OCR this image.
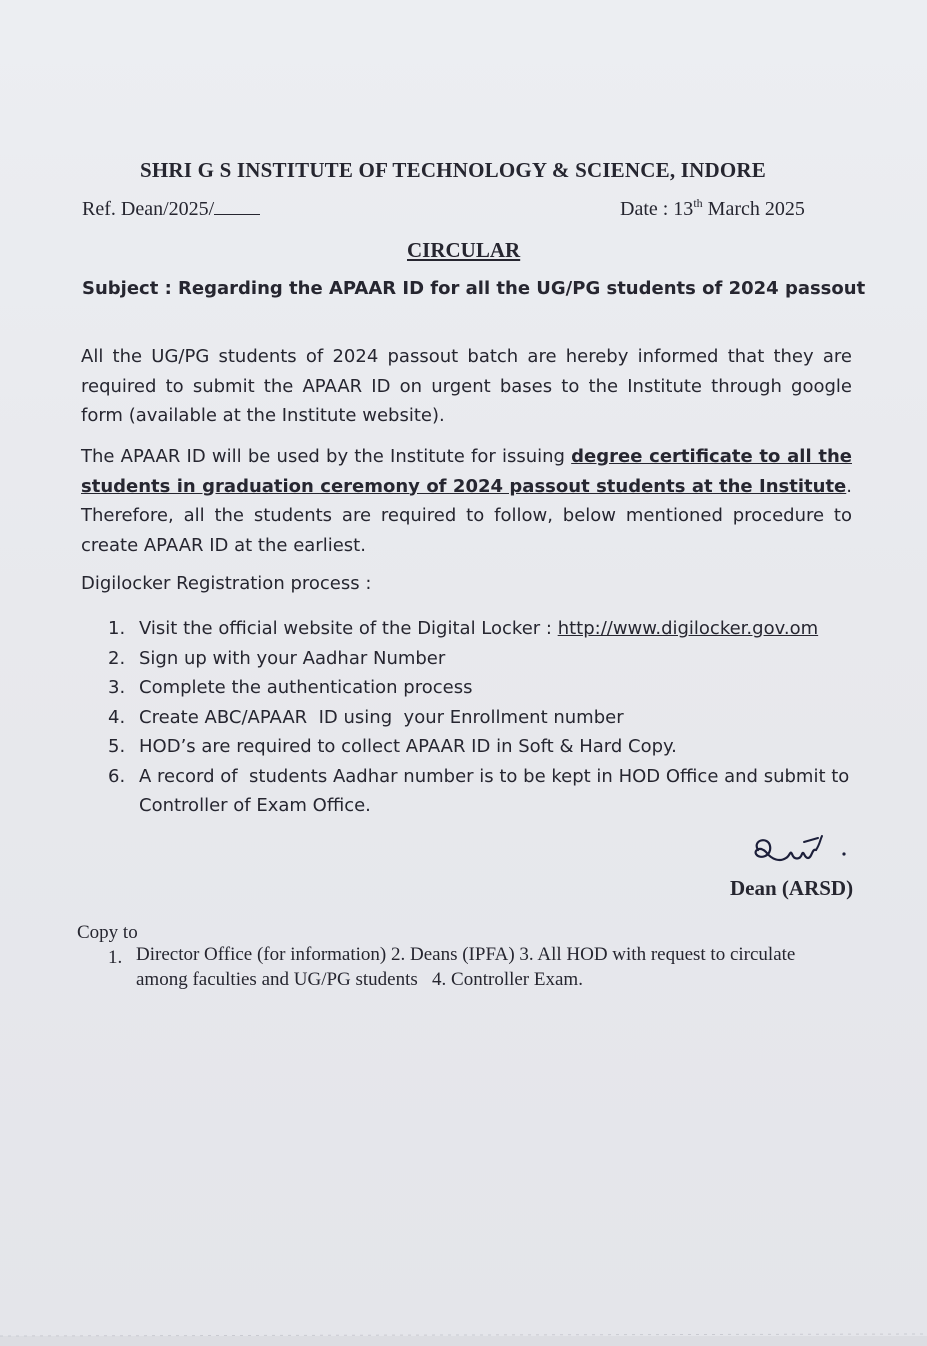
SHRI G S INSTITUTE OF TECHNOLOGY & SCIENCE, INDORE
Ref. Dean/2025/	Date : 13th March 2025
CIRCULAR
Subject : Regarding the APAAR ID for all the UG/PG students of 2024 passout
All the UG/PG students of 2024 passout batch are hereby informed that they are required to submit the APAAR ID on urgent bases to the Institute through google form (available at the Institute website).
The APAAR ID will be used by the Institute for issuing degree certificate to all the students in graduation ceremony of 2024 passout students at the Institute. Therefore, all the students are required to follow, below mentioned procedure to create APAAR ID at the earliest.
Digilocker Registration process :
1. Visit the official website of the Digital Locker : http://www.digilocker.gov.om
2. Sign up with your Aadhar Number
3. Complete the authentication process
4. Create ABC/APAAR  ID using  your Enrollment number
5. HOD’s are required to collect APAAR ID in Soft & Hard Copy.
6. A record of  students Aadhar number is to be kept in HOD Office and submit to Controller of Exam Office.
Dean (ARSD)
Copy to
1. Director Office (for information) 2. Deans (IPFA) 3. All HOD with request to circulate
among faculties and UG/PG students   4. Controller Exam.
